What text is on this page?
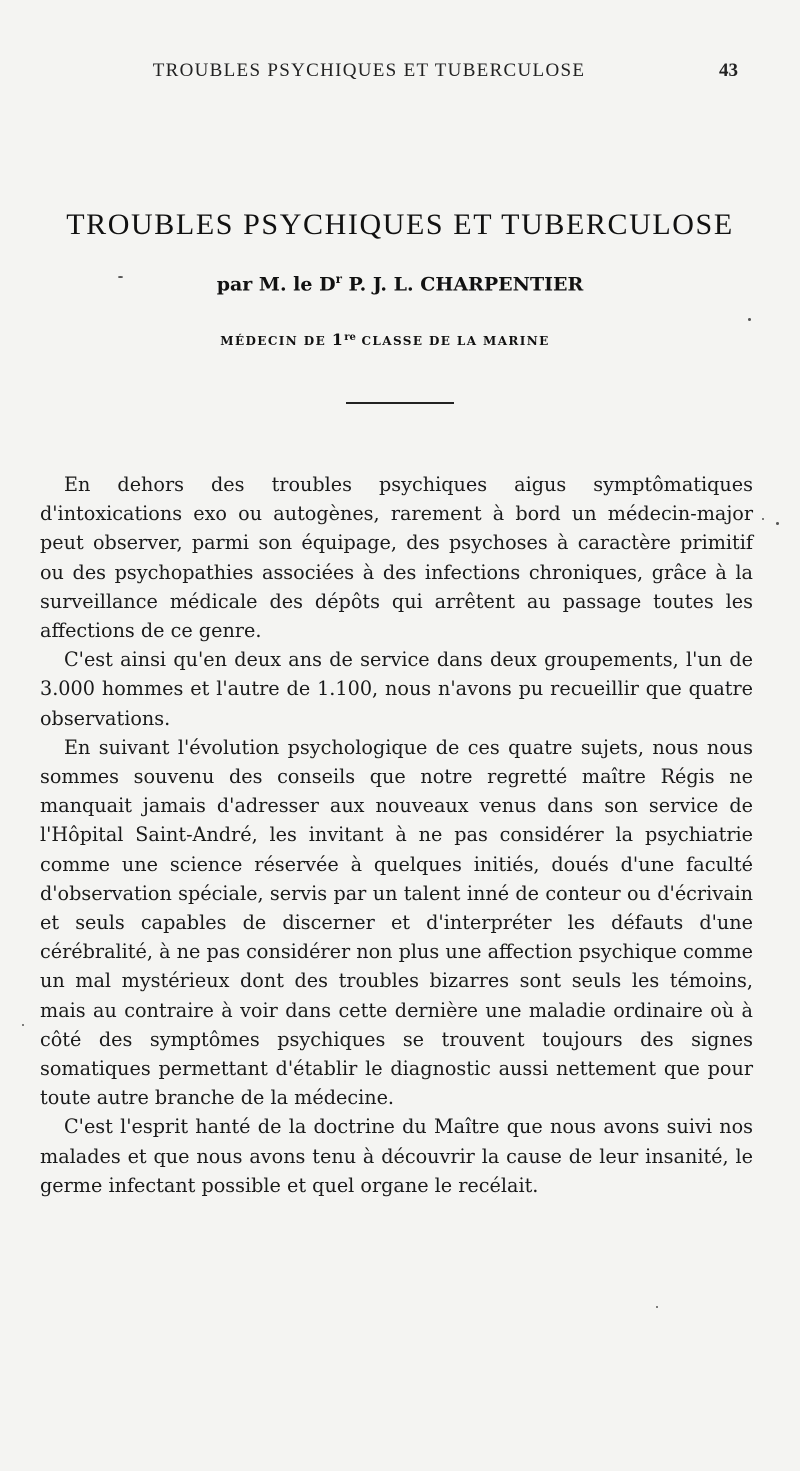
TROUBLES PSYCHIQUES ET TUBERCULOSE	43
TROUBLES PSYCHIQUES ET TUBERCULOSE
par M. le $D^r$ P. J. L. CHARPENTIER
MÉDECIN DE 1re CLASSE DE LA MARINE

En dehors des troubles psychiques aigus symptômatiques d'intoxications exo ou autogènes, rarement à bord un médecin-major peut observer, parmi son équipage, des psychoses à caractère primitif ou des psychopathies associées à des infections chroniques, grâce à la surveillance médicale des dépôts qui arrêtent au passage toutes les affections de ce genre.

C'est ainsi qu'en deux ans de service dans deux groupements, l'un de 3.000 hommes et l'autre de 1.100, nous n'avons pu recueillir que quatre observations.

En suivant l'évolution psychologique de ces quatre sujets, nous nous sommes souvenu des conseils que notre regretté maître Régis ne manquait jamais d'adresser aux nouveaux venus dans son service de l'Hôpital Saint-André, les invitant à ne pas considérer la psychiatrie comme une science réservée à quelques initiés, doués d'une faculté d'observation spéciale, servis par un talent inné de conteur ou d'écrivain et seuls capables de discerner et d'interpréter les défauts d'une cérébralité, à ne pas considérer non plus une affection psychique comme un mal mystérieux dont des troubles bizarres sont seuls les témoins, mais au contraire à voir dans cette dernière une maladie ordinaire où à côté des symptômes psychiques se trouvent toujours des signes somatiques permettant d'établir le diagnostic aussi nettement que pour toute autre branche de la médecine.

C'est l'esprit hanté de la doctrine du Maître que nous avons suivi nos malades et que nous avons tenu à découvrir la cause de leur insanité, le germe infectant possible et quel organe le recélait.
